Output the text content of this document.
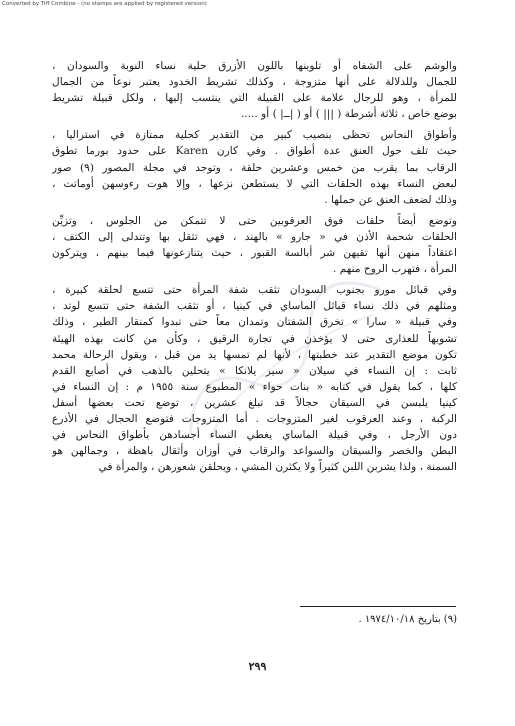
Converted by Tiff Combine - (no stamps are applied by registered version)

والوشم على الشفاه أو تلوينها باللون الأزرق حلية نساء النوبة والسودان ،
للجمال وللدلالة على أنها متزوجة ، وكذلك تشريط الخدود يعتبر نوعاً من الجمال
للمرأة ، وهو للرجال علامة على القبيلة التي ينتسب إليها ، ولكل قبيلة تشريط
بوضع خاص ، ثلاثة أشرطة ( ||| ) أو ( |ــ| ) أو .....

وأطواق النحاس تحظى بنصيب كبير من التقدير كحلية ممتازة في استراليا ،
حيث تلف حول العنق عدة أطواق . وفي كارن Karen على حدود بورما تطوق
الرقاب بما يقرب من خمس وعشرين حلقة ، وتوجد في مجلة المصور (٩) صور
لبعض النساء بهذه الحلقات التي لا يستطعن نزعها ، وإلا هوت رءوسهن أوماتت ،
وذلك لضعف العنق عن حملها .

وتوضع أيضاً حلقات فوق العرقوبين حتى لا تتمكن من الجلوس ، وتزيِّن
الحلقات شحمة الأذن في « جارو » بالهند ، فهي تثقل بها وتتدلى إلى الكتف ،
اعتقاداً منهن أنها تقيهن شر أبالسة القبور ، حيث يتنازعونها فيما بينهم ، ويتركون
المرأة ، فتهرب الروح منهم .

وفي قبائل مورو بجنوب السودان تثقب شفة المرأة حتى تتسع لحلقة كبيرة ،
ومثلهم في ذلك نساء قبائل الماساي في كينيا ، أو تثقب الشفة حتى تتسع لوتد ،
وفي قبيلة « سارا » تخرق الشفتان وتمدان معاً حتى تبدوا كمنقار الطير ، وذلك
تشويهاً للعذارى حتى لا يؤخذن في تجارة الرقيق ، وكأن من كانت بهذه الهيئة
تكون موضع التقدير عند خطبتها ، لأنها لم تمسها يد من قبل ، ويقول الرحالة محمد
ثابت : إن النساء في سيلان « سير يلانكا » يتحلين بالذهب في أصابع القدم
كلها ، كما يقول في كتابه « بنات حواء » المطبوع سنة ١٩٥٥ م : إن النساء في
كينيا يلبسن في السيقان حجالاً قد تبلغ عشرين ، توضع تحت بعضها أسفل
الركبة ، وعند العرقوب لغير المتزوجات . أما المتزوجات فتوضع الحجال في الأذرع
دون الأرجل ، وفي قبيلة الماساي يغطي النساء أجسادهن بأطواق النحاس في
البطن والخصر والسيقان والسواعد والرقاب في أوزان وأثقال باهظة ، وجمالهن هو
السمنة ، ولذا يشربن اللبن كثيراً ولا يكثرن المشي ، ويحلقن شعورهن ، والمرأة في

(٩) بتاريخ ١٩٧٤/١٠/١٨ .
٢٩٩
